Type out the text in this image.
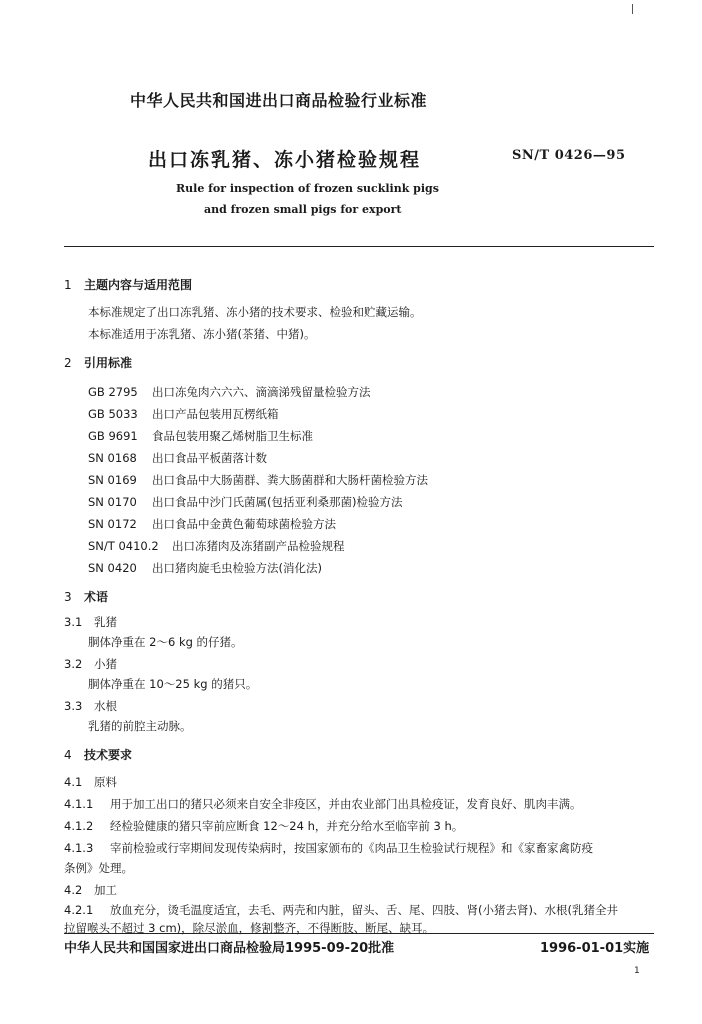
中华人民共和国进出口商品检验行业标准
出口冻乳猪、冻小猪检验规程	SN/T 0426—95
Rule for inspection of frozen sucklink pigs
and frozen small pigs for export
1 主题内容与适用范围
本标准规定了出口冻乳猪、冻小猪的技术要求、检验和贮藏运输。
本标准适用于冻乳猪、冻小猪(茶猪、中猪)。
2 引用标准
GB 2795 出口冻兔肉六六六、滴滴涕残留量检验方法
GB 5033 出口产品包装用瓦楞纸箱
GB 9691 食品包装用聚乙烯树脂卫生标准
SN 0168 出口食品平板菌落计数
SN 0169 出口食品中大肠菌群、粪大肠菌群和大肠杆菌检验方法
SN 0170 出口食品中沙门氏菌属(包括亚利桑那菌)检验方法
SN 0172 出口食品中金黄色葡萄球菌检验方法
SN/T 0410.2 出口冻猪肉及冻猪副产品检验规程
SN 0420 出口猪肉旋毛虫检验方法(消化法)
3 术语
3.1 乳猪
胴体净重在 2～6 kg 的仔猪。
3.2 小猪
胴体净重在 10～25 kg 的猪只。
3.3 水根
乳猪的前腔主动脉。
4 技术要求
4.1 原料
4.1.1 用于加工出口的猪只必须来自安全非疫区，并由农业部门出具检疫证，发育良好、肌肉丰满。
4.1.2 经检验健康的猪只宰前应断食 12～24 h，并充分给水至临宰前 3 h。
4.1.3 宰前检验或行宰期间发现传染病时，按国家颁布的《肉品卫生检验试行规程》和《家畜家禽防疫
条例》处理。
4.2 加工
4.2.1 放血充分，烫毛温度适宜，去毛、两壳和内脏，留头、舌、尾、四肢、肾(小猪去肾)、水根(乳猪全井
拉留喉头不超过 3 cm)，除尽淤血，修割整齐，不得断肢、断尾、缺耳。
中华人民共和国国家进出口商品检验局1995-09-20批准	1996-01-01实施
1
